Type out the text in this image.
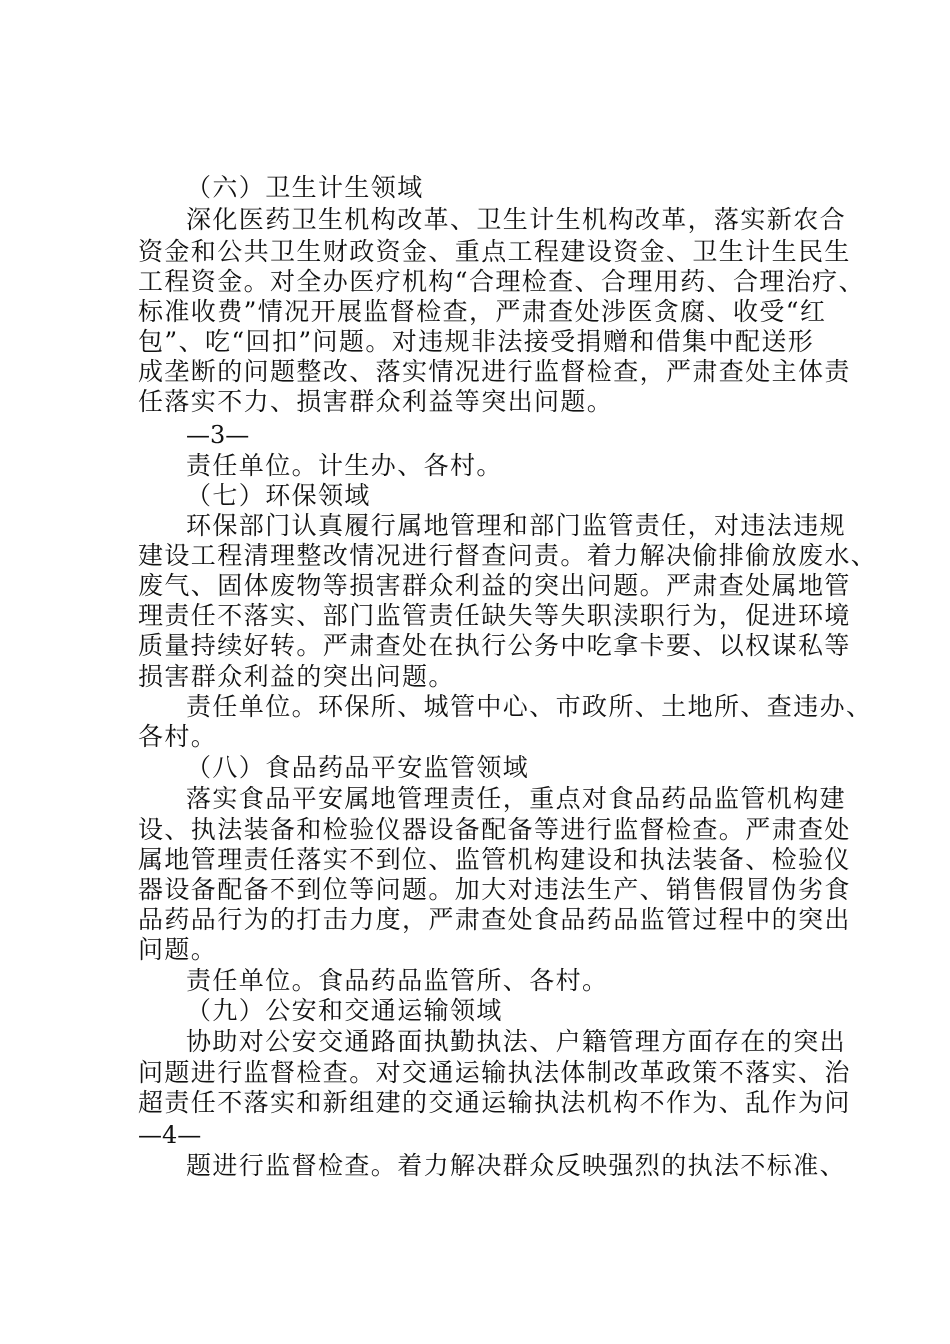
（六）卫生计生领域
深化医药卫生机构改革、卫生计生机构改革，落实新农合
资金和公共卫生财政资金、重点工程建设资金、卫生计生民生
工程资金。对全办医疗机构“合理检查、合理用药、合理治疗、
标准收费”情况开展监督检查，严肃查处涉医贪腐、收受“红
包”、吃“回扣”问题。对违规非法接受捐赠和借集中配送形
成垄断的问题整改、落实情况进行监督检查，严肃查处主体责
任落实不力、损害群众利益等突出问题。
—3—
责任单位。计生办、各村。
（七）环保领域
环保部门认真履行属地管理和部门监管责任，对违法违规
建设工程清理整改情况进行督查问责。着力解决偷排偷放废水、
废气、固体废物等损害群众利益的突出问题。严肃查处属地管
理责任不落实、部门监管责任缺失等失职渎职行为，促进环境
质量持续好转。严肃查处在执行公务中吃拿卡要、以权谋私等
损害群众利益的突出问题。
责任单位。环保所、城管中心、市政所、土地所、查违办、
各村。
（八）食品药品平安监管领域
落实食品平安属地管理责任，重点对食品药品监管机构建
设、执法装备和检验仪器设备配备等进行监督检查。严肃查处
属地管理责任落实不到位、监管机构建设和执法装备、检验仪
器设备配备不到位等问题。加大对违法生产、销售假冒伪劣食
品药品行为的打击力度，严肃查处食品药品监管过程中的突出
问题。
责任单位。食品药品监管所、各村。
（九）公安和交通运输领域
协助对公安交通路面执勤执法、户籍管理方面存在的突出
问题进行监督检查。对交通运输执法体制改革政策不落实、治
超责任不落实和新组建的交通运输执法机构不作为、乱作为问
—4—
题进行监督检查。着力解决群众反映强烈的执法不标准、
